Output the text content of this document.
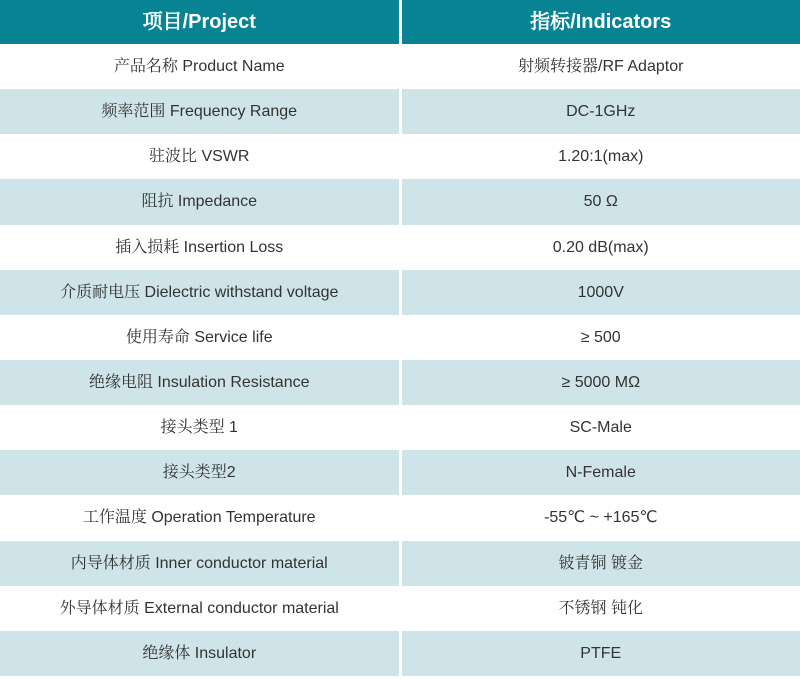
项目/Project	指标/Indicators
产品名称 Product Name	射频转接器/RF Adaptor
频率范围 Frequency Range	DC-1GHz
驻波比 VSWR	1.20:1(max)
阻抗 Impedance	50 Ω
插入损耗 Insertion Loss	0.20 dB(max)
介质耐电压 Dielectric withstand voltage	1000V
使用寿命 Service life	≥ 500
绝缘电阻 Insulation Resistance	≥ 5000 MΩ
接头类型 1	SC-Male
接头类型2	N-Female
工作温度 Operation Temperature	-55℃ ~ +165℃
内导体材质 Inner conductor material	铍青铜 镀金
外导体材质 External conductor material	不锈钢 钝化
绝缘体 Insulator	PTFE
